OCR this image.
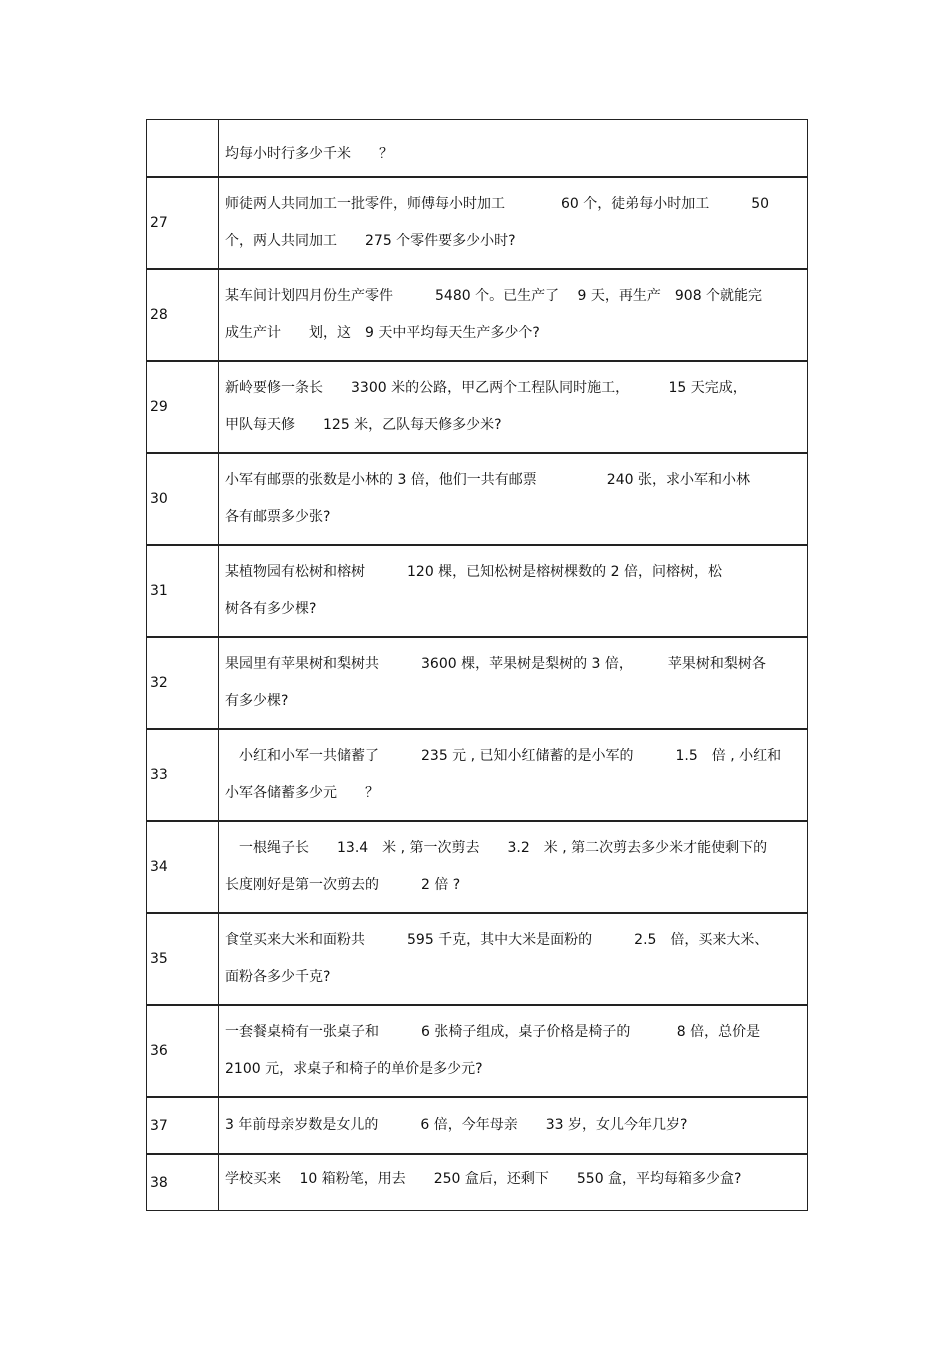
	均每小时行多少千米　　？

27	师徒两人共同加工一批零件，师傅每小时加工　　　　60 个，徒弟每小时加工　　　50
个，两人共同加工　　275 个零件要多少小时?

28	某车间计划四月份生产零件　　　5480 个。已生产了　 9 天，再生产　908 个就能完
成生产计　　划，这　9 天中平均每天生产多少个?

29	新岭要修一条长　　3300 米的公路，甲乙两个工程队同时施工，　　　 15 天完成，
甲队每天修　　125 米，乙队每天修多少米?

30	小军有邮票的张数是小林的 3 倍，他们一共有邮票　　　　　240 张，求小军和小林
各有邮票多少张?

31	某植物园有松树和榕树　　　120 棵，已知松树是榕树棵数的 2 倍，问榕树，松
树各有多少棵?

32	果园里有苹果树和梨树共　　　3600 棵，苹果树是梨树的 3 倍，　　　苹果树和梨树各
有多少棵?

33	　小红和小军一共储蓄了　　　235 元 , 已知小红储蓄的是小军的　　　1.5　倍 , 小红和
小军各储蓄多少元　　？

34	　一根绳子长　　13.4　米 , 第一次剪去　　3.2　米 , 第二次剪去多少米才能使剩下的
长度刚好是第一次剪去的　　　2 倍 ?

35	食堂买来大米和面粉共　　　595 千克，其中大米是面粉的　　　2.5　倍，买来大米、
面粉各多少千克?

36	一套餐桌椅有一张桌子和　　　6 张椅子组成，桌子价格是椅子的　　　 8 倍，总价是
2100 元，求桌子和椅子的单价是多少元?

37	3 年前母亲岁数是女儿的　　　6 倍，今年母亲　　33 岁，女儿今年几岁?

38	学校买来　 10 箱粉笔，用去　　250 盒后，还剩下　　550 盒，平均每箱多少盒?
